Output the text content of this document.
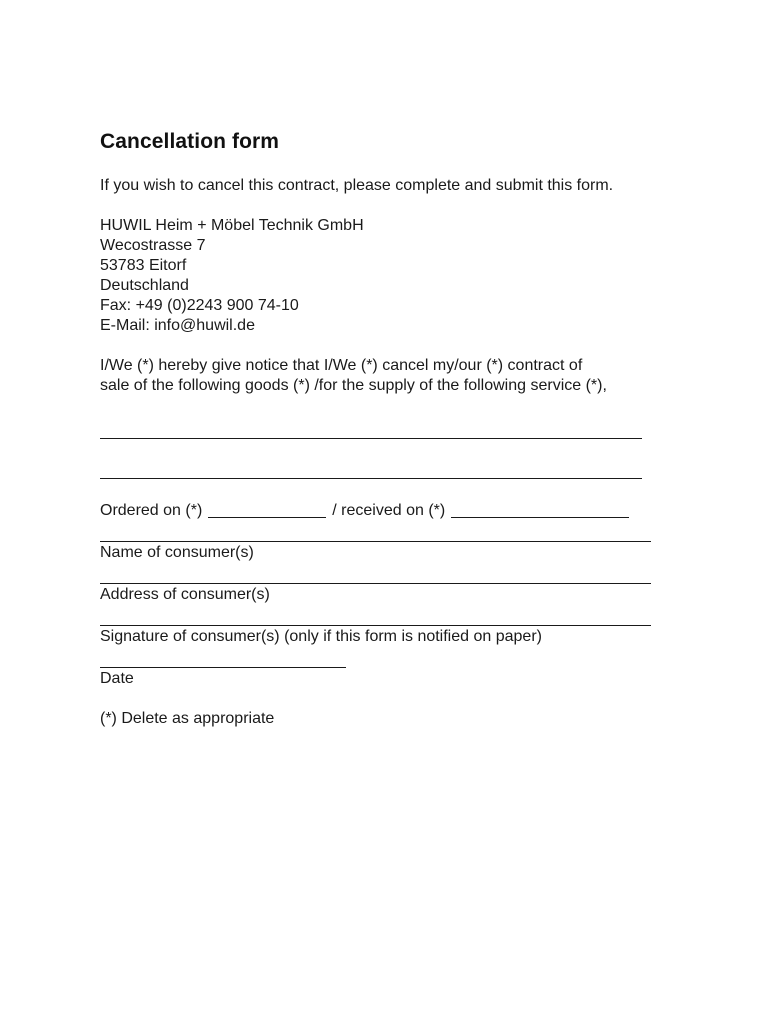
Cancellation form
If you wish to cancel this contract, please complete and submit this form.
HUWIL Heim + Möbel Technik GmbH
Wecostrasse 7
53783 Eitorf
Deutschland
Fax: +49 (0)2243 900 74-10
E-Mail: info@huwil.de
I/We (*) hereby give notice that I/We (*) cancel my/our (*) contract of
sale of the following goods (*) /for the supply of the following service (*),
Ordered on (*)	/ received on (*)
Name of consumer(s)
Address of consumer(s)
Signature of consumer(s) (only if this form is notified on paper)
Date
(*) Delete as appropriate
